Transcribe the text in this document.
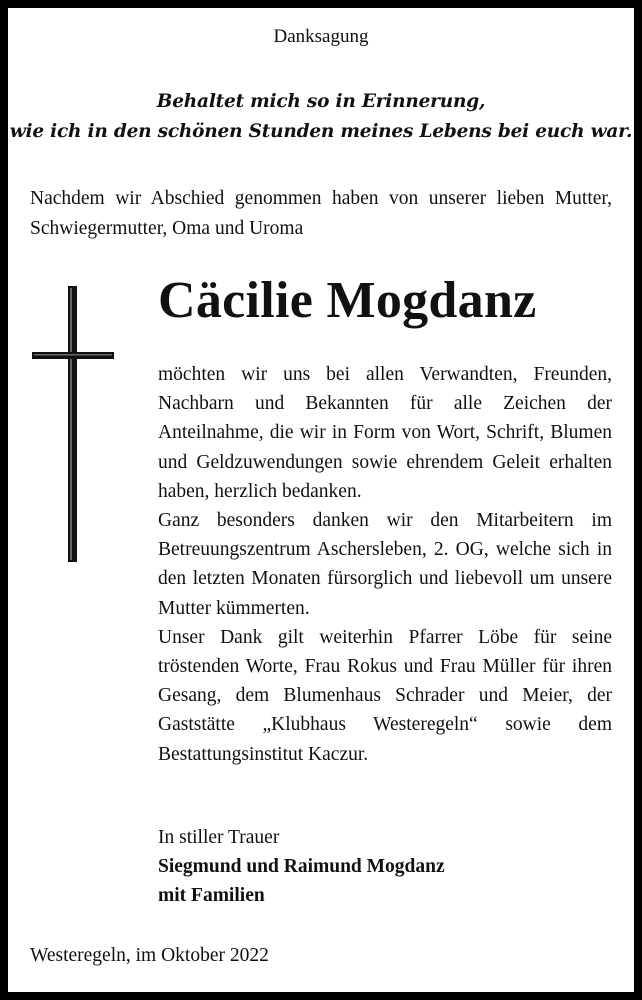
Danksagung
Behaltet mich so in Erinnerung,
wie ich in den schönen Stunden meines Lebens bei euch war.
Nachdem wir Abschied genommen haben von unserer lieben Mutter, Schwiegermutter, Oma und Uroma
Cäcilie Mogdanz

möchten wir uns bei allen Verwandten, Freunden, Nachbarn und Bekannten für alle Zeichen der Anteilnahme, die wir in Form von Wort, Schrift, Blumen und Geldzuwendungen sowie ehrendem Geleit erhalten haben, herzlich bedanken.

Ganz besonders danken wir den Mitarbeitern im Betreuungszentrum Aschersleben, 2. OG, welche sich in den letzten Monaten fürsorglich und liebevoll um unsere Mutter kümmerten.

Unser Dank gilt weiterhin Pfarrer Löbe für seine tröstenden Worte, Frau Rokus und Frau Müller für ihren Gesang, dem Blumenhaus Schrader und Meier, der Gaststätte „Klubhaus Westeregeln“ sowie dem Bestattungsinstitut Kaczur.

In stiller Trauer
Siegmund und Raimund Mogdanz
mit Familien
Westeregeln, im Oktober 2022
